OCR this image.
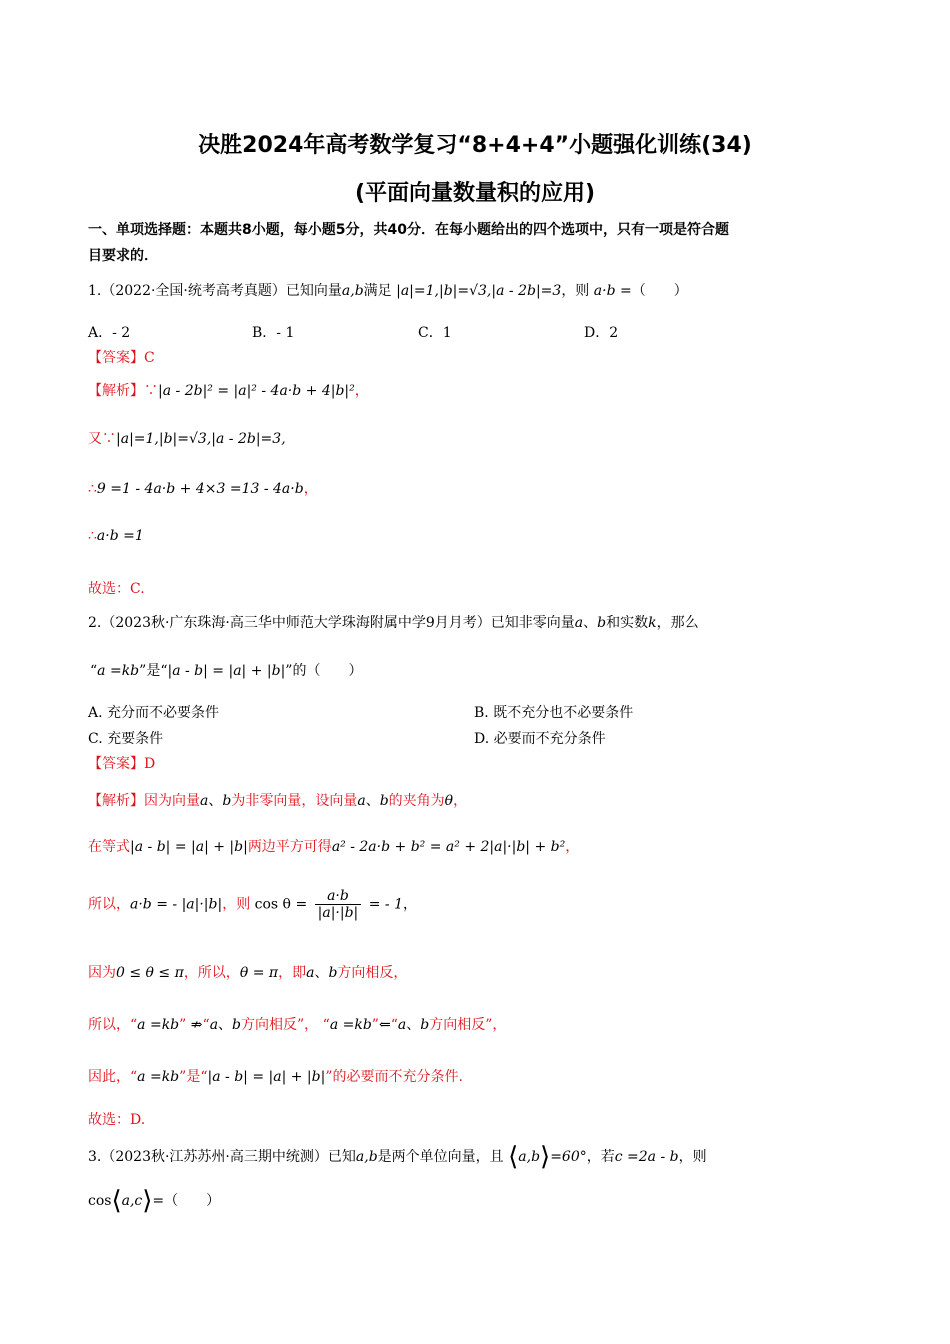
决胜2024年高考数学复习“8+4+4”小题强化训练(34)
(平面向量数量积的应用)
一、单项选择题：本题共8小题，每小题5分，共40分．在每小题给出的四个选项中，只有一项是符合题
目要求的．
1.（2022·全国·统考高考真题）已知向量a,b满足 |a|=1,|b|=√3,|a - 2b|=3，则 a·b =（　　）
A．- 2	B．- 1	C．1	D．2
【答案】C
【解析】∵|a - 2b|² = |a|² - 4a·b + 4|b|²，
又∵|a|=1,|b|=√3,|a - 2b|=3,
∴9 =1 - 4a·b + 4×3 =13 - 4a·b，
∴a·b =1
故选：C.
2.（2023秋·广东珠海·高三华中师范大学珠海附属中学9月月考）已知非零向量a、b和实数k，那么
“a =kb”是“|a - b| = |a| + |b|”的（　　）
A. 充分而不必要条件	B. 既不充分也不必要条件
C. 充要条件	D. 必要而不充分条件
【答案】D
【解析】因为向量a、b为非零向量，设向量a、b的夹角为θ，
在等式|a - b| = |a| + |b|两边平方可得a² - 2a·b + b² = a² + 2|a|·|b| + b²，
所以，a·b = - |a|·|b|，则 $\cos \theta = \frac{a\cdot b}{|a|\cdot|b|}$ = - 1，
因为0 ≤ θ ≤ π，所以，θ = π，即a、b方向相反，
所以，“a =kb” ⇏“a、b方向相反”， “a =kb”⇐“a、b方向相反”，
因此，“a =kb”是“|a - b| = |a| + |b|”的必要而不充分条件.
故选：D.
3.（2023秋·江苏苏州·高三期中统测）已知a,b是两个单位向量，且 ⟨a,b⟩=60°，若c =2a - b，则
cos⟨a,c⟩=（　　）
